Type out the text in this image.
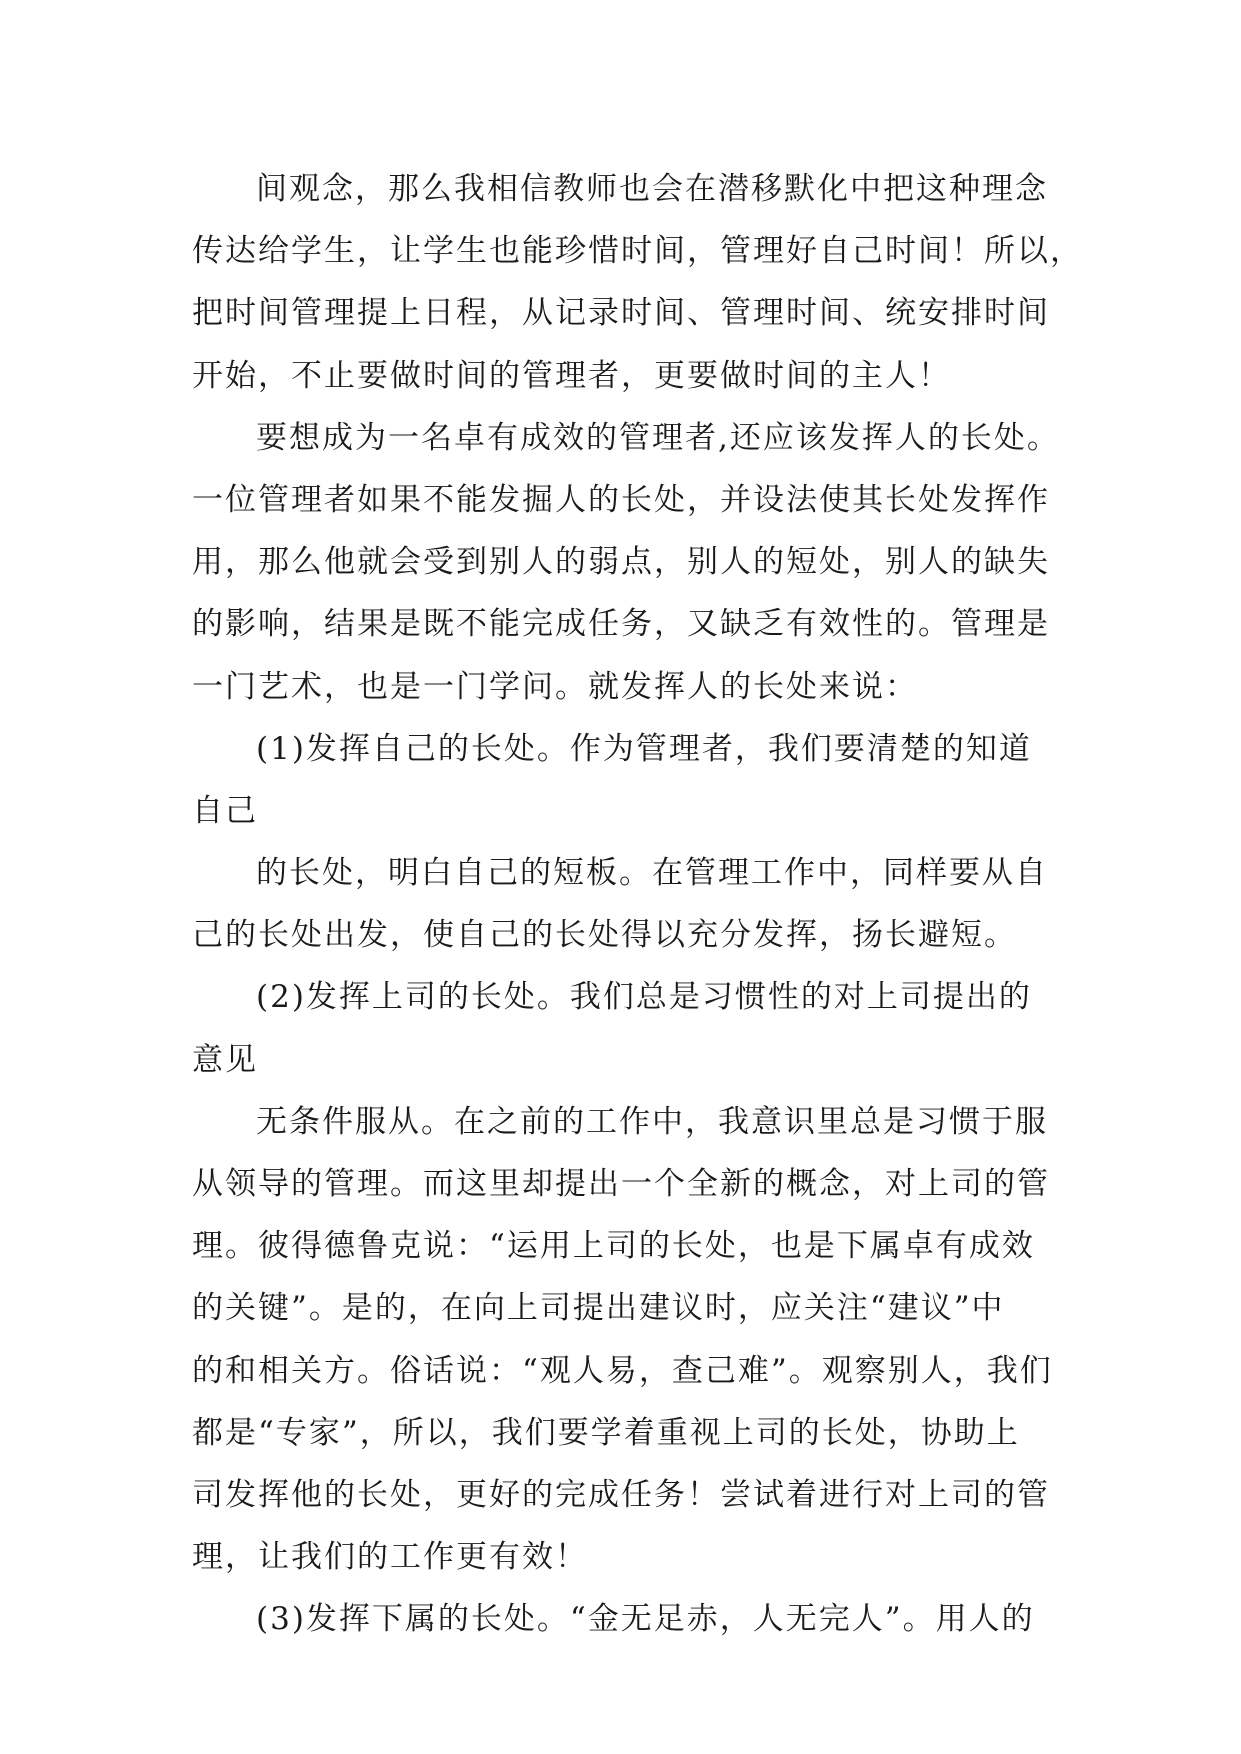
间观念，那么我相信教师也会在潜移默化中把这种理念
传达给学生，让学生也能珍惜时间，管理好自己时间！所以，
把时间管理提上日程，从记录时间、管理时间、统安排时间
开始，不止要做时间的管理者，更要做时间的主人！
要想成为一名卓有成效的管理者,还应该发挥人的长处。
一位管理者如果不能发掘人的长处，并设法使其长处发挥作
用，那么他就会受到别人的弱点，别人的短处，别人的缺失
的影响，结果是既不能完成任务，又缺乏有效性的。管理是
一门艺术，也是一门学问。就发挥人的长处来说：
(1)发挥自己的长处。作为管理者，我们要清楚的知道
自己
的长处，明白自己的短板。在管理工作中，同样要从自
己的长处出发，使自己的长处得以充分发挥，扬长避短。
(2)发挥上司的长处。我们总是习惯性的对上司提出的
意见
无条件服从。在之前的工作中，我意识里总是习惯于服
从领导的管理。而这里却提出一个全新的概念，对上司的管
理。彼得德鲁克说：“运用上司的长处，也是下属卓有成效
的关键”。是的，在向上司提出建议时，应关注“建议”中
的和相关方。俗话说：“观人易，查己难”。观察别人，我们
都是“专家”，所以，我们要学着重视上司的长处，协助上
司发挥他的长处，更好的完成任务！尝试着进行对上司的管
理，让我们的工作更有效！
(3)发挥下属的长处。“金无足赤，人无完人”。用人的
